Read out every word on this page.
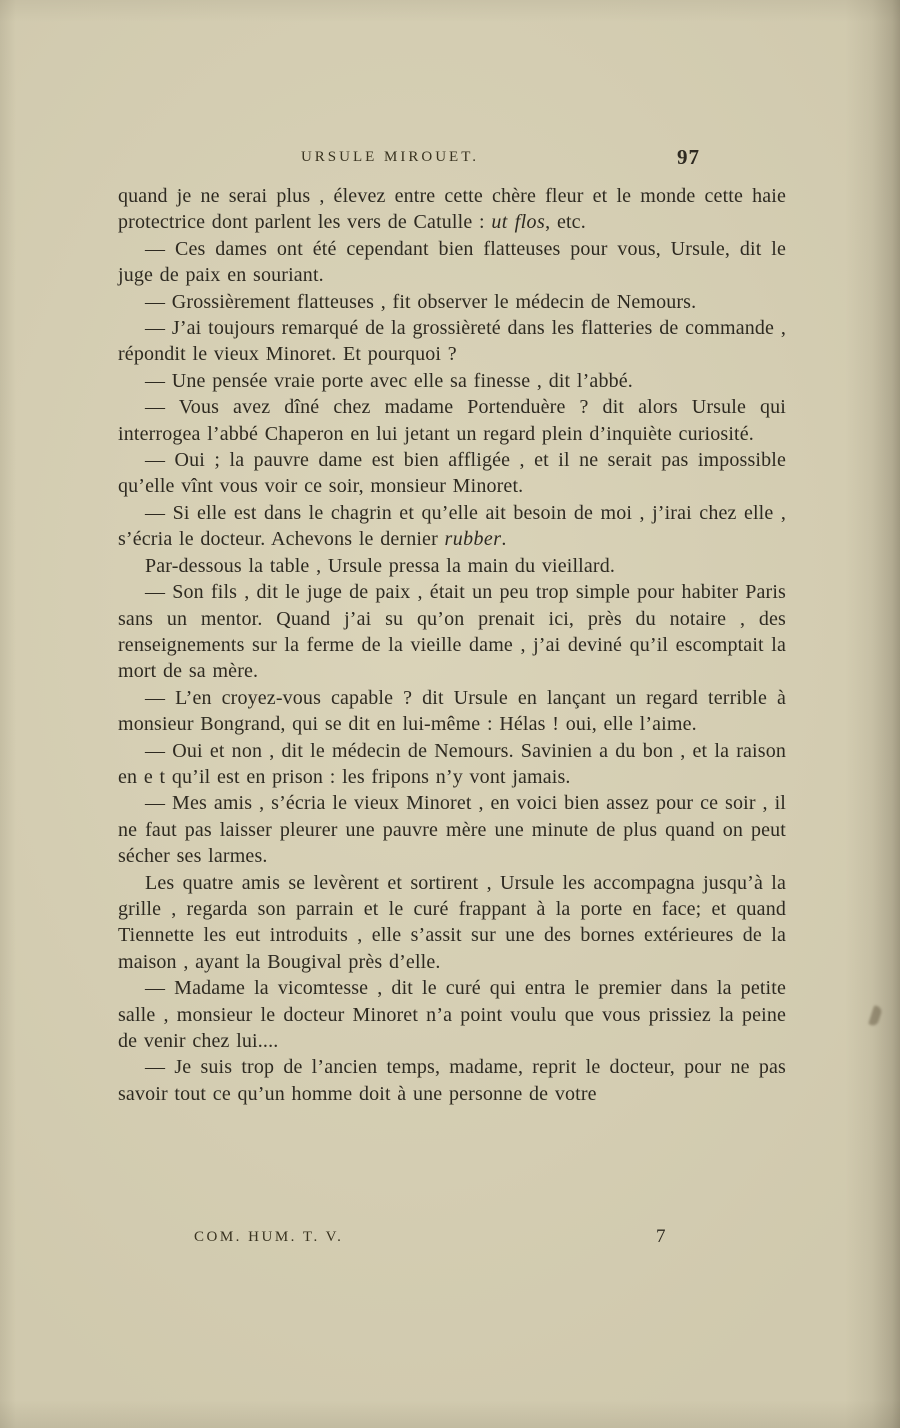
URSULE MIROUET.	97

quand je ne serai plus , élevez entre cette chère fleur et le monde cette haie protectrice dont parlent les vers de Catulle : ut flos, etc.

— Ces dames ont été cependant bien flatteuses pour vous, Ursule, dit le juge de paix en souriant.

— Grossièrement flatteuses , fit observer le médecin de Nemours.

— J’ai toujours remarqué de la grossièreté dans les flatteries de commande , répondit le vieux Minoret. Et pourquoi ?

— Une pensée vraie porte avec elle sa finesse , dit l’abbé.

— Vous avez dîné chez madame Portenduère ? dit alors Ursule qui interrogea l’abbé Chaperon en lui jetant un regard plein d’inquiète curiosité.

— Oui ; la pauvre dame est bien affligée , et il ne serait pas impossible qu’elle vînt vous voir ce soir, monsieur Minoret.

— Si elle est dans le chagrin et qu’elle ait besoin de moi , j’irai chez elle , s’écria le docteur. Achevons le dernier rubber.

Par-dessous la table , Ursule pressa la main du vieillard.

— Son fils , dit le juge de paix , était un peu trop simple pour habiter Paris sans un mentor. Quand j’ai su qu’on prenait ici, près du notaire , des renseignements sur la ferme de la vieille dame , j’ai deviné qu’il escomptait la mort de sa mère.

— L’en croyez-vous capable ? dit Ursule en lançant un regard terrible à monsieur Bongrand, qui se dit en lui-même : Hélas ! oui, elle l’aime.

— Oui et non , dit le médecin de Nemours. Savinien a du bon , et la raison en e t qu’il est en prison : les fripons n’y vont jamais.

— Mes amis , s’écria le vieux Minoret , en voici bien assez pour ce soir , il ne faut pas laisser pleurer une pauvre mère une minute de plus quand on peut sécher ses larmes.

Les quatre amis se levèrent et sortirent , Ursule les accompagna jusqu’à la grille , regarda son parrain et le curé frappant à la porte en face; et quand Tiennette les eut introduits , elle s’assit sur une des bornes extérieures de la maison , ayant la Bougival près d’elle.

— Madame la vicomtesse , dit le curé qui entra le premier dans la petite salle , monsieur le docteur Minoret n’a point voulu que vous prissiez la peine de venir chez lui....

— Je suis trop de l’ancien temps, madame, reprit le docteur, pour ne pas savoir tout ce qu’un homme doit à une personne de votre

COM. HUM. T. V.	7
